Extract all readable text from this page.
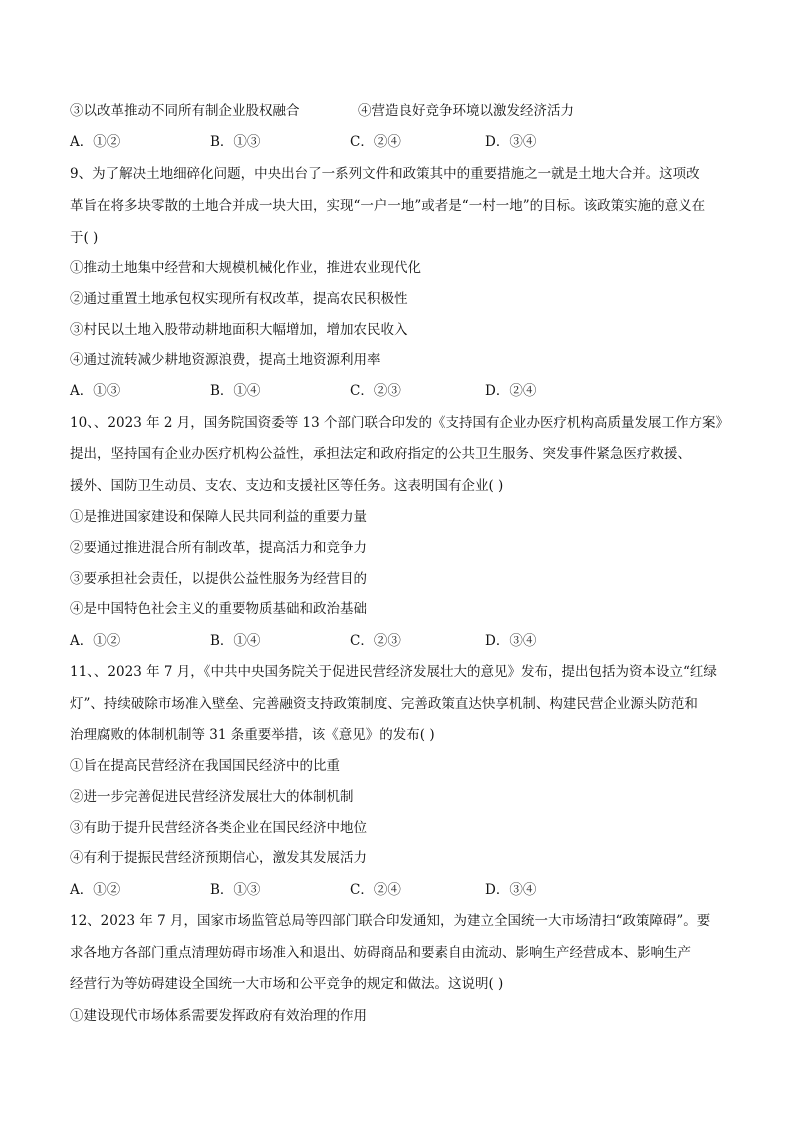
③以改革推动不同所有制企业股权融合	④营造良好竞争环境以激发经济活力
A．①②	B．①③	C．②④	D．③④
9、为了解决土地细碎化问题，中央出台了一系列文件和政策其中的重要措施之一就是土地大合并。这项改
革旨在将多块零散的土地合并成一块大田，实现“一户一地”或者是“一村一地”的目标。该政策实施的意义在
于( )
①推动土地集中经营和大规模机械化作业，推进农业现代化
②通过重置土地承包权实现所有权改革，提高农民积极性
③村民以土地入股带动耕地面积大幅增加，增加农民收入
④通过流转减少耕地资源浪费，提高土地资源利用率
A．①③	B．①④	C．②③	D．②④
10、、2023 年 2 月，国务院国资委等 13 个部门联合印发的《支持国有企业办医疗机构高质量发展工作方案》
提出，坚持国有企业办医疗机构公益性，承担法定和政府指定的公共卫生服务、突发事件紧急医疗救援、
援外、国防卫生动员、支农、支边和支援社区等任务。这表明国有企业( )
①是推进国家建设和保障人民共同利益的重要力量
②要通过推进混合所有制改革，提高活力和竞争力
③要承担社会责任，以提供公益性服务为经营目的
④是中国特色社会主义的重要物质基础和政治基础
A．①②	B．①④	C．②③	D．③④
11、、2023 年 7 月，《中共中央国务院关于促进民营经济发展壮大的意见》发布，提出包括为资本设立“红绿
灯”、持续破除市场准入壁垒、完善融资支持政策制度、完善政策直达快享机制、构建民营企业源头防范和
治理腐败的体制机制等 31 条重要举措，该《意见》的发布( )
①旨在提高民营经济在我国国民经济中的比重
②进一步完善促进民营经济发展壮大的体制机制
③有助于提升民营经济各类企业在国民经济中地位
④有利于提振民营经济预期信心，激发其发展活力
A．①②	B．①③	C．②④	D．③④
12、2023 年 7 月，国家市场监管总局等四部门联合印发通知，为建立全国统一大市场清扫“政策障碍”。要
求各地方各部门重点清理妨碍市场准入和退出、妨碍商品和要素自由流动、影响生产经营成本、影响生产
经营行为等妨碍建设全国统一大市场和公平竞争的规定和做法。这说明( )
①建设现代市场体系需要发挥政府有效治理的作用
